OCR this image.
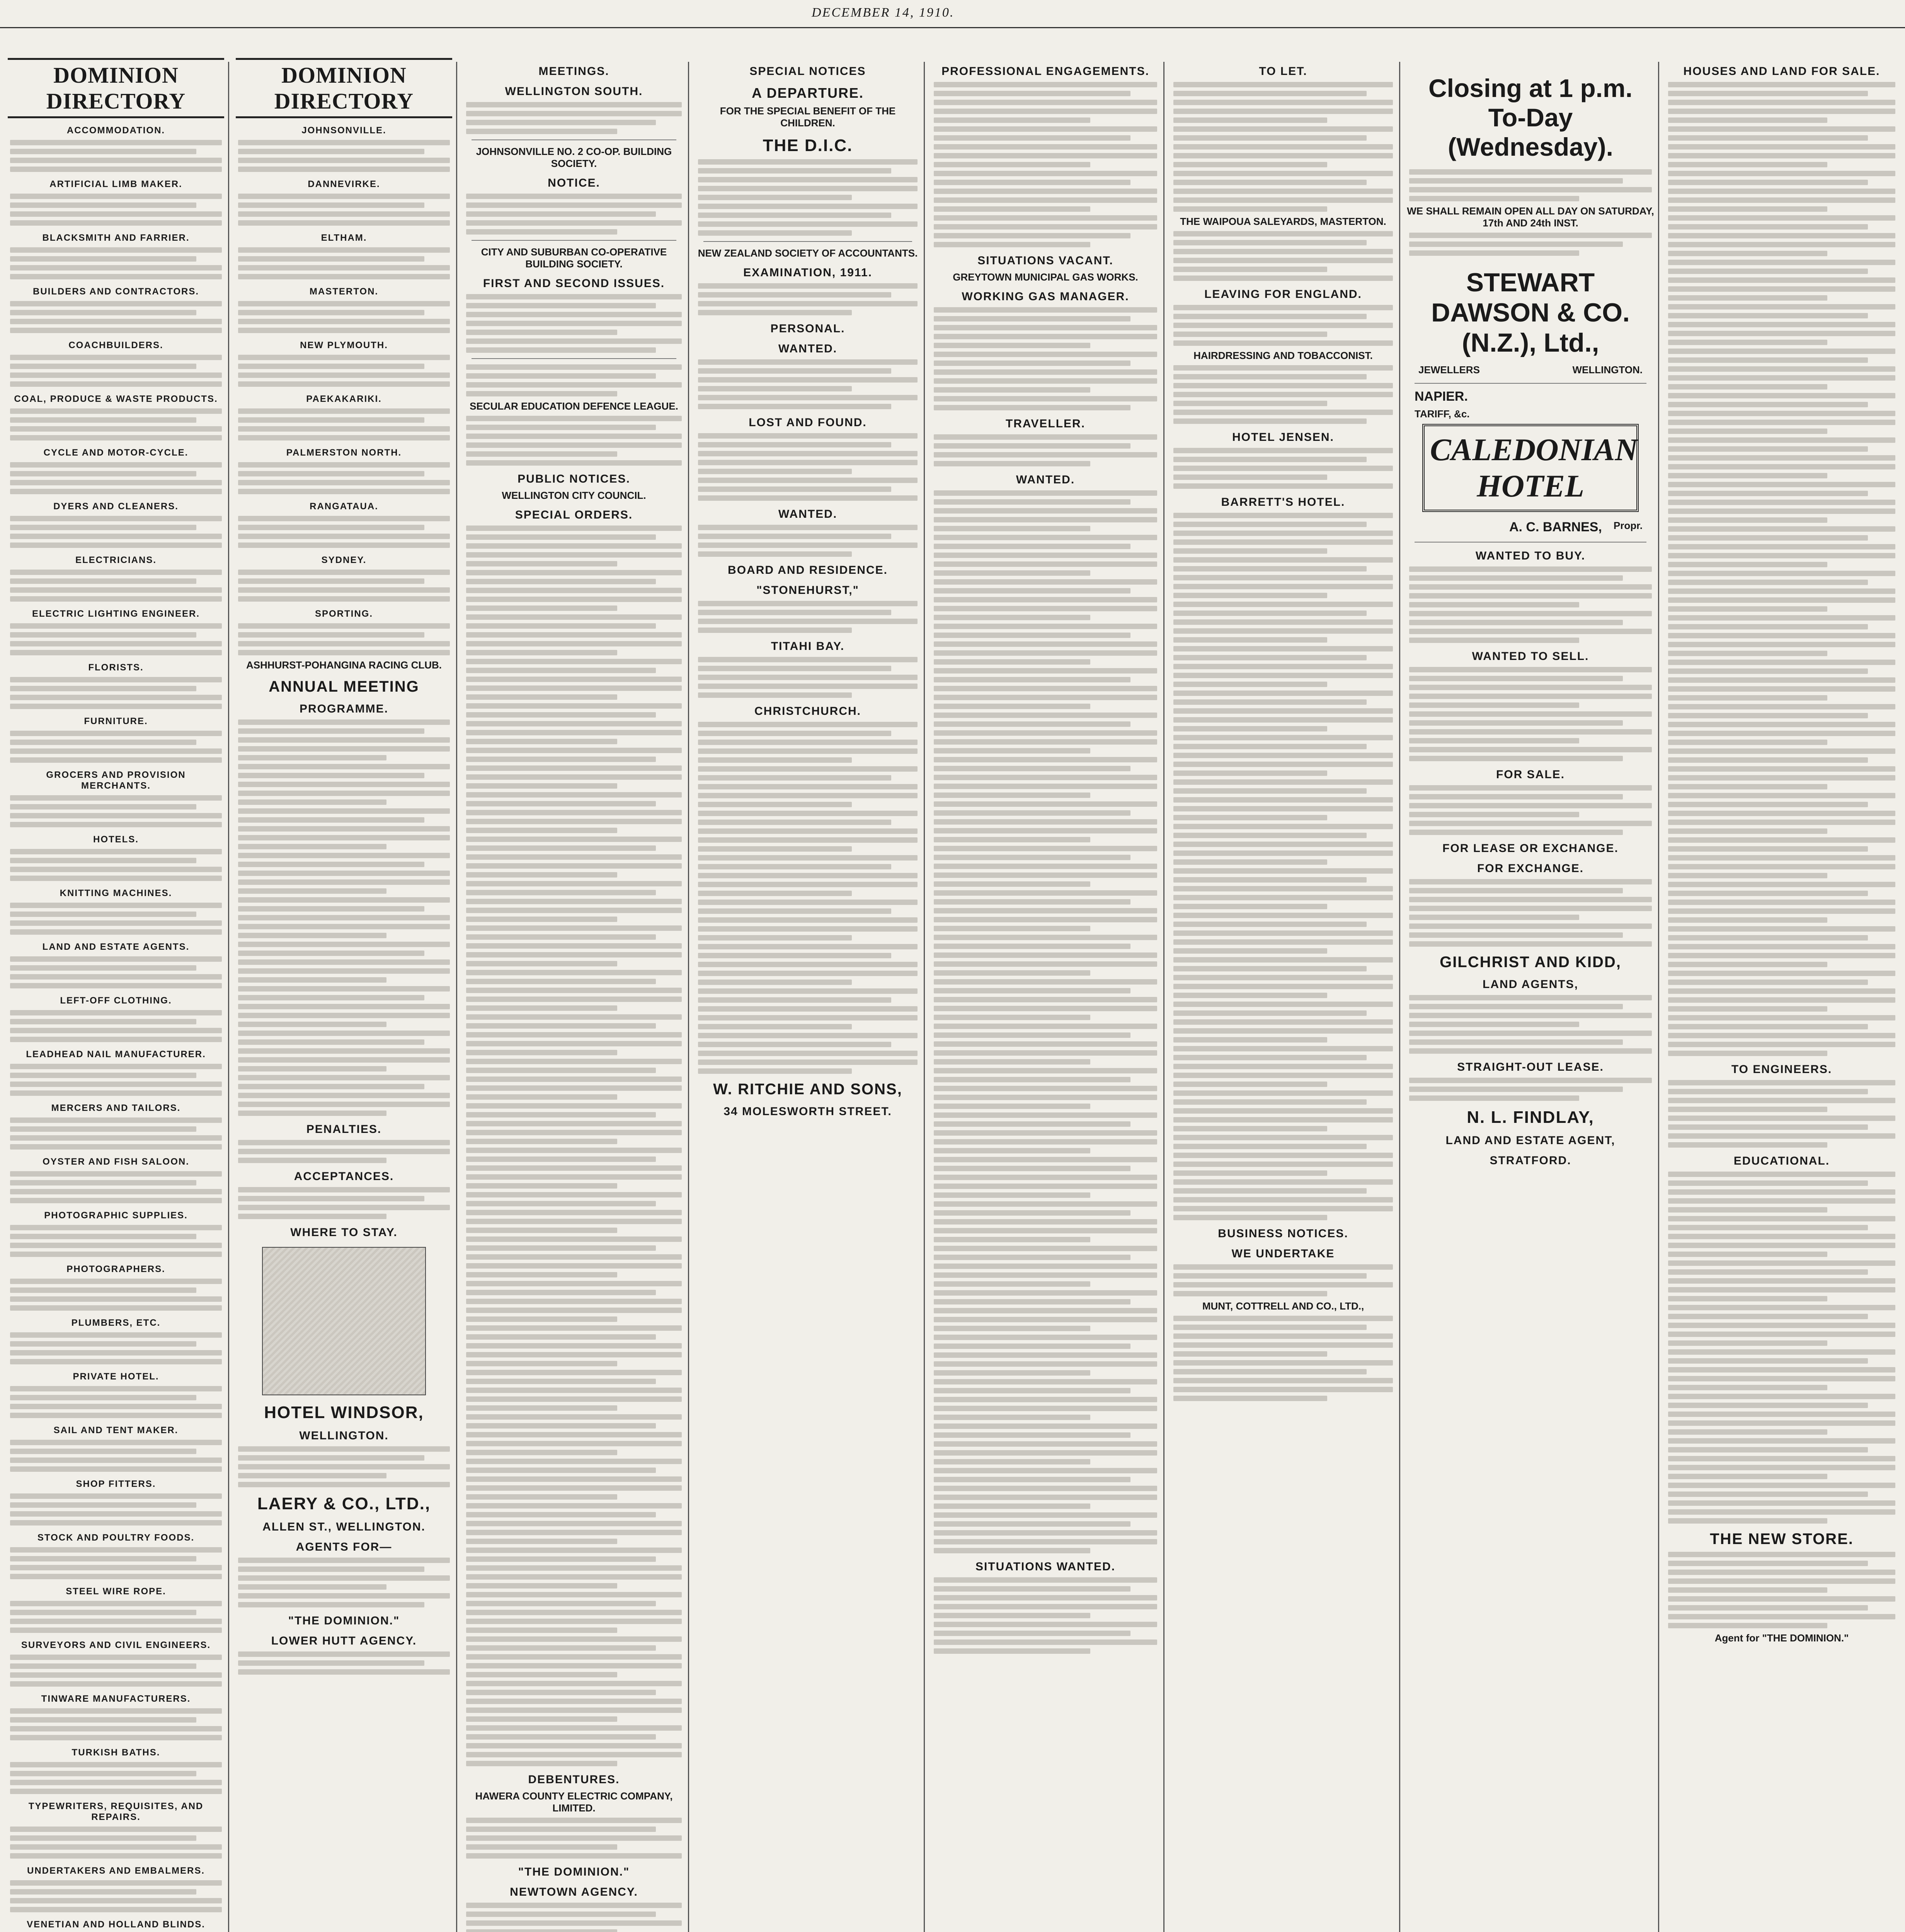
DECEMBER 14, 1910.
DOMINION DIRECTORY
ACCOMMODATION.
ARTIFICIAL LIMB MAKER.
BLACKSMITH AND FARRIER.
BUILDERS AND CONTRACTORS.
COACHBUILDERS.
COAL, PRODUCE & WASTE PRODUCTS.
CYCLE AND MOTOR-CYCLE.
DYERS AND CLEANERS.
ELECTRICIANS.
ELECTRIC LIGHTING ENGINEER.
FLORISTS.
FURNITURE.
GROCERS AND PROVISION MERCHANTS.
HOTELS.
KNITTING MACHINES.
LAND AND ESTATE AGENTS.
LEFT-OFF CLOTHING.
LEADHEAD NAIL MANUFACTURER.
MERCERS AND TAILORS.
OYSTER AND FISH SALOON.
PHOTOGRAPHIC SUPPLIES.
PHOTOGRAPHERS.
PLUMBERS, ETC.
PRIVATE HOTEL.
SAIL AND TENT MAKER.
SHOP FITTERS.
STOCK AND POULTRY FOODS.
STEEL WIRE ROPE.
SURVEYORS AND CIVIL ENGINEERS.
TINWARE MANUFACTURERS.
TURKISH BATHS.
TYPEWRITERS, REQUISITES, AND REPAIRS.
UNDERTAKERS AND EMBALMERS.
VENETIAN AND HOLLAND BLINDS.
DOMINION DIRECTORY
JOHNSONVILLE.
DANNEVIRKE.
ELTHAM.
MASTERTON.
NEW PLYMOUTH.
PAEKAKARIKI.
PALMERSTON NORTH.
RANGATAUA.
SYDNEY.
SPORTING.
ASHHURST-POHANGINA RACING CLUB.
ANNUAL MEETING
PROGRAMME.
PENALTIES.
ACCEPTANCES.
WHERE TO STAY.
HOTEL WINDSOR,
WELLINGTON.
LAERY & CO., LTD.,
ALLEN ST., WELLINGTON.
AGENTS FOR—
"THE DOMINION."
LOWER HUTT AGENCY.
MEETINGS.
WELLINGTON SOUTH.
JOHNSONVILLE NO. 2 CO-OP. BUILDING SOCIETY.
NOTICE.
CITY AND SUBURBAN CO-OPERATIVE BUILDING SOCIETY.
FIRST AND SECOND ISSUES.
SECULAR EDUCATION DEFENCE LEAGUE.
PUBLIC NOTICES.
WELLINGTON CITY COUNCIL.
SPECIAL ORDERS.
DEBENTURES.
HAWERA COUNTY ELECTRIC COMPANY, LIMITED.
"THE DOMINION."
NEWTOWN AGENCY.
SPECIAL NOTICES
A DEPARTURE.
FOR THE SPECIAL BENEFIT OF THE CHILDREN.
THE D.I.C.
NEW ZEALAND SOCIETY OF ACCOUNTANTS.
EXAMINATION, 1911.
PERSONAL.
WANTED.
LOST AND FOUND.
WANTED.
BOARD AND RESIDENCE.
"STONEHURST,"
TITAHI BAY.
CHRISTCHURCH.
W. RITCHIE AND SONS,
34 MOLESWORTH STREET.
PROFESSIONAL ENGAGEMENTS.
SITUATIONS VACANT.
GREYTOWN MUNICIPAL GAS WORKS.
WORKING GAS MANAGER.
TRAVELLER.
WANTED.
SITUATIONS WANTED.
TO LET.
THE WAIPOUA SALEYARDS, MASTERTON.
LEAVING FOR ENGLAND.
HAIRDRESSING AND TOBACCONIST.
HOTEL JENSEN.
BARRETT'S HOTEL.
BUSINESS NOTICES.
WE UNDERTAKE
MUNT, COTTRELL AND CO., LTD.,
Closing at 1 p.m. To-Day (Wednesday).
WE SHALL REMAIN OPEN ALL DAY ON SATURDAY, 17th AND 24th INST.
STEWART DAWSON & CO. (N.Z.), Ltd.,
JEWELLERS	WELLINGTON.
NAPIER.
TARIFF, &c.
CALEDONIAN HOTEL
A. C. BARNES, Propr.
WANTED TO BUY.
WANTED TO SELL.
FOR SALE.
FOR LEASE OR EXCHANGE.
FOR EXCHANGE.
GILCHRIST AND KIDD,
LAND AGENTS,
STRAIGHT-OUT LEASE.
N. L. FINDLAY,
LAND AND ESTATE AGENT,
STRATFORD.
HOUSES AND LAND FOR SALE.
TO ENGINEERS.
EDUCATIONAL.
THE NEW STORE.
Agent for "THE DOMINION."
